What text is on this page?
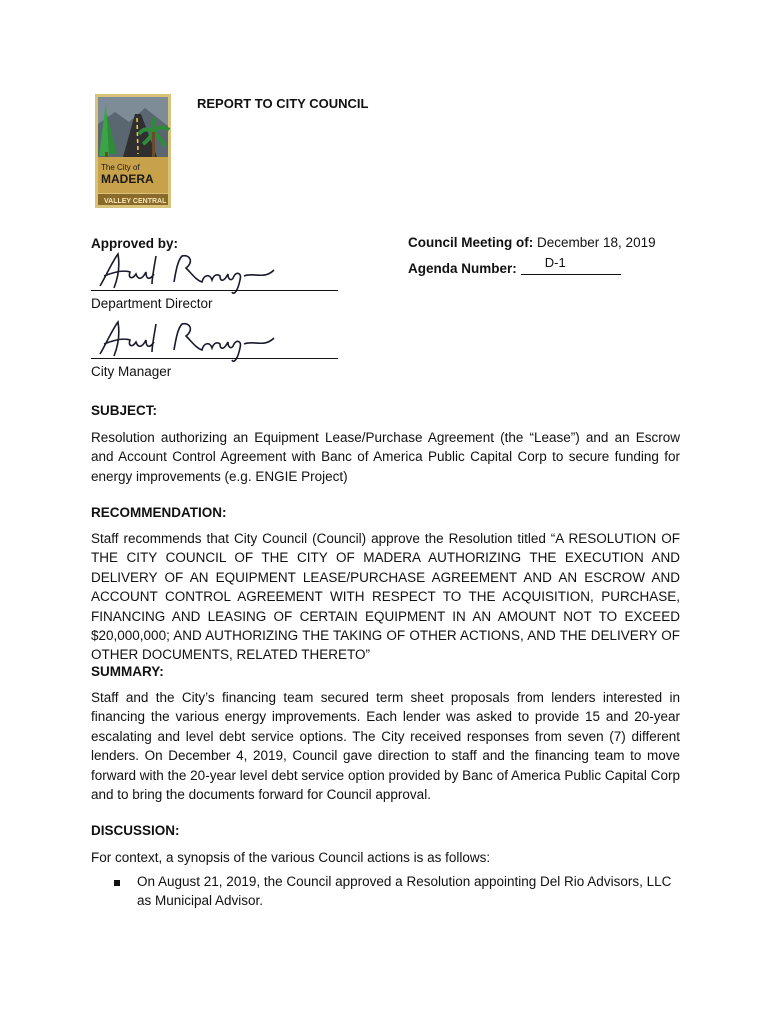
The City of
MADERA
VALLEY CENTRAL
REPORT TO CITY COUNCIL
Approved by:	Council Meeting of: December 18, 2019
Agenda Number: D-1
Department Director
City Manager
SUBJECT:
Resolution authorizing an Equipment Lease/Purchase Agreement (the “Lease”) and an Escrow and Account Control Agreement with Banc of America Public Capital Corp to secure funding for energy improvements (e.g. ENGIE Project)
RECOMMENDATION:
Staff recommends that City Council (Council) approve the Resolution titled “A RESOLUTION OF THE CITY COUNCIL OF THE CITY OF MADERA AUTHORIZING THE EXECUTION AND DELIVERY OF AN EQUIPMENT LEASE/PURCHASE AGREEMENT AND AN ESCROW AND ACCOUNT CONTROL AGREEMENT WITH RESPECT TO THE ACQUISITION, PURCHASE, FINANCING AND LEASING OF CERTAIN EQUIPMENT IN AN AMOUNT NOT TO EXCEED $20,000,000; AND AUTHORIZING THE TAKING OF OTHER ACTIONS, AND THE DELIVERY OF OTHER DOCUMENTS, RELATED THERETO”
SUMMARY:
Staff and the City’s financing team secured term sheet proposals from lenders interested in financing the various energy improvements. Each lender was asked to provide 15 and 20-year escalating and level debt service options. The City received responses from seven (7) different lenders. On December 4, 2019, Council gave direction to staff and the financing team to move forward with the 20-year level debt service option provided by Banc of America Public Capital Corp and to bring the documents forward for Council approval.
DISCUSSION:
For context, a synopsis of the various Council actions is as follows:
On August 21, 2019, the Council approved a Resolution appointing Del Rio Advisors, LLC as Municipal Advisor.
